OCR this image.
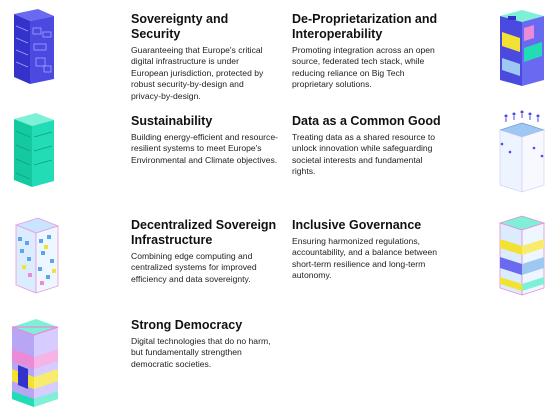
Sovereignty and Security
Guaranteeing that Europe's critical digital infrastructure is under European jurisdiction, protected by robust security-by-design and privacy-by-design.
De-Proprietarization and Interoperability
Promoting integration across an open source, federated tech stack, while reducing reliance on Big Tech proprietary solutions.
Sustainability
Building energy-efficient and resource-resilient systems to meet Europe's Environmental and Climate objectives.
Data as a Common Good
Treating data as a shared resource to unlock innovation while safeguarding societal interests and fundamental rights.
Decentralized Sovereign Infrastructure
Combining edge computing and centralized systems for improved efficiency and data sovereignty.
Inclusive Governance
Ensuring harmonized regulations, accountability, and a balance between short-term resilience and long-term autonomy.
Strong Democracy
Digital technologies that do no harm, but fundamentally strengthen democratic societies.
